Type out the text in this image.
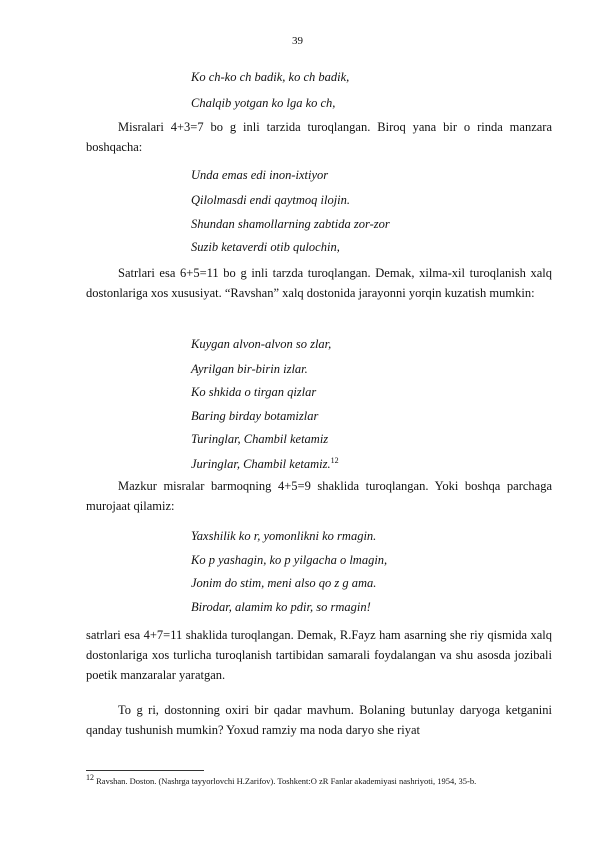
39
Ko ch-ko ch badik, ko ch badik,
Chalqib yotgan ko lga ko ch,
Misralari 4+3=7 bo g inli tarzida turoqlangan. Biroq yana bir o rinda manzara boshqacha:
Unda emas edi inon-ixtiyor
Qilolmasdi endi qaytmoq ilojin.
Shundan shamollarning zabtida zor-zor
Suzib ketaverdi otib qulochin,
Satrlari esa 6+5=11 bo g inli tarzda turoqlangan. Demak, xilma-xil turoqlanish xalq dostonlariga xos xususiyat. “Ravshan” xalq dostonida jarayonni yorqin kuzatish mumkin:
Kuygan alvon-alvon so zlar,
Ayrilgan bir-birin izlar.
Ko shkida o tirgan qizlar
Baring birday botamizlar
Turinglar, Chambil ketamiz
Juringlar, Chambil ketamiz.$^{12}$
Mazkur misralar barmoqning 4+5=9 shaklida turoqlangan. Yoki boshqa parchaga murojaat qilamiz:
Yaxshilik ko r, yomonlikni ko rmagin.
Ko p yashagin, ko p yilgacha o lmagin,
Jonim do stim, meni also qo z g ama.
Birodar, alamim ko pdir, so rmagin!
satrlari esa 4+7=11 shaklida turoqlangan. Demak, R.Fayz ham asarning she riy qismida xalq dostonlariga xos turlicha turoqlanish tartibidan samarali foydalangan va shu asosda jozibali poetik manzaralar yaratgan.
To g ri, dostonning oxiri bir qadar mavhum. Bolaning butunlay daryoga ketganini qanday tushunish mumkin? Yoxud ramziy ma noda daryo she riyat
$^{12}$ Ravshan. Doston. (Nashrga tayyorlovchi H.Zarifov). Toshkent:O zR Fanlar akademiyasi nashriyoti, 1954, 35-b.
